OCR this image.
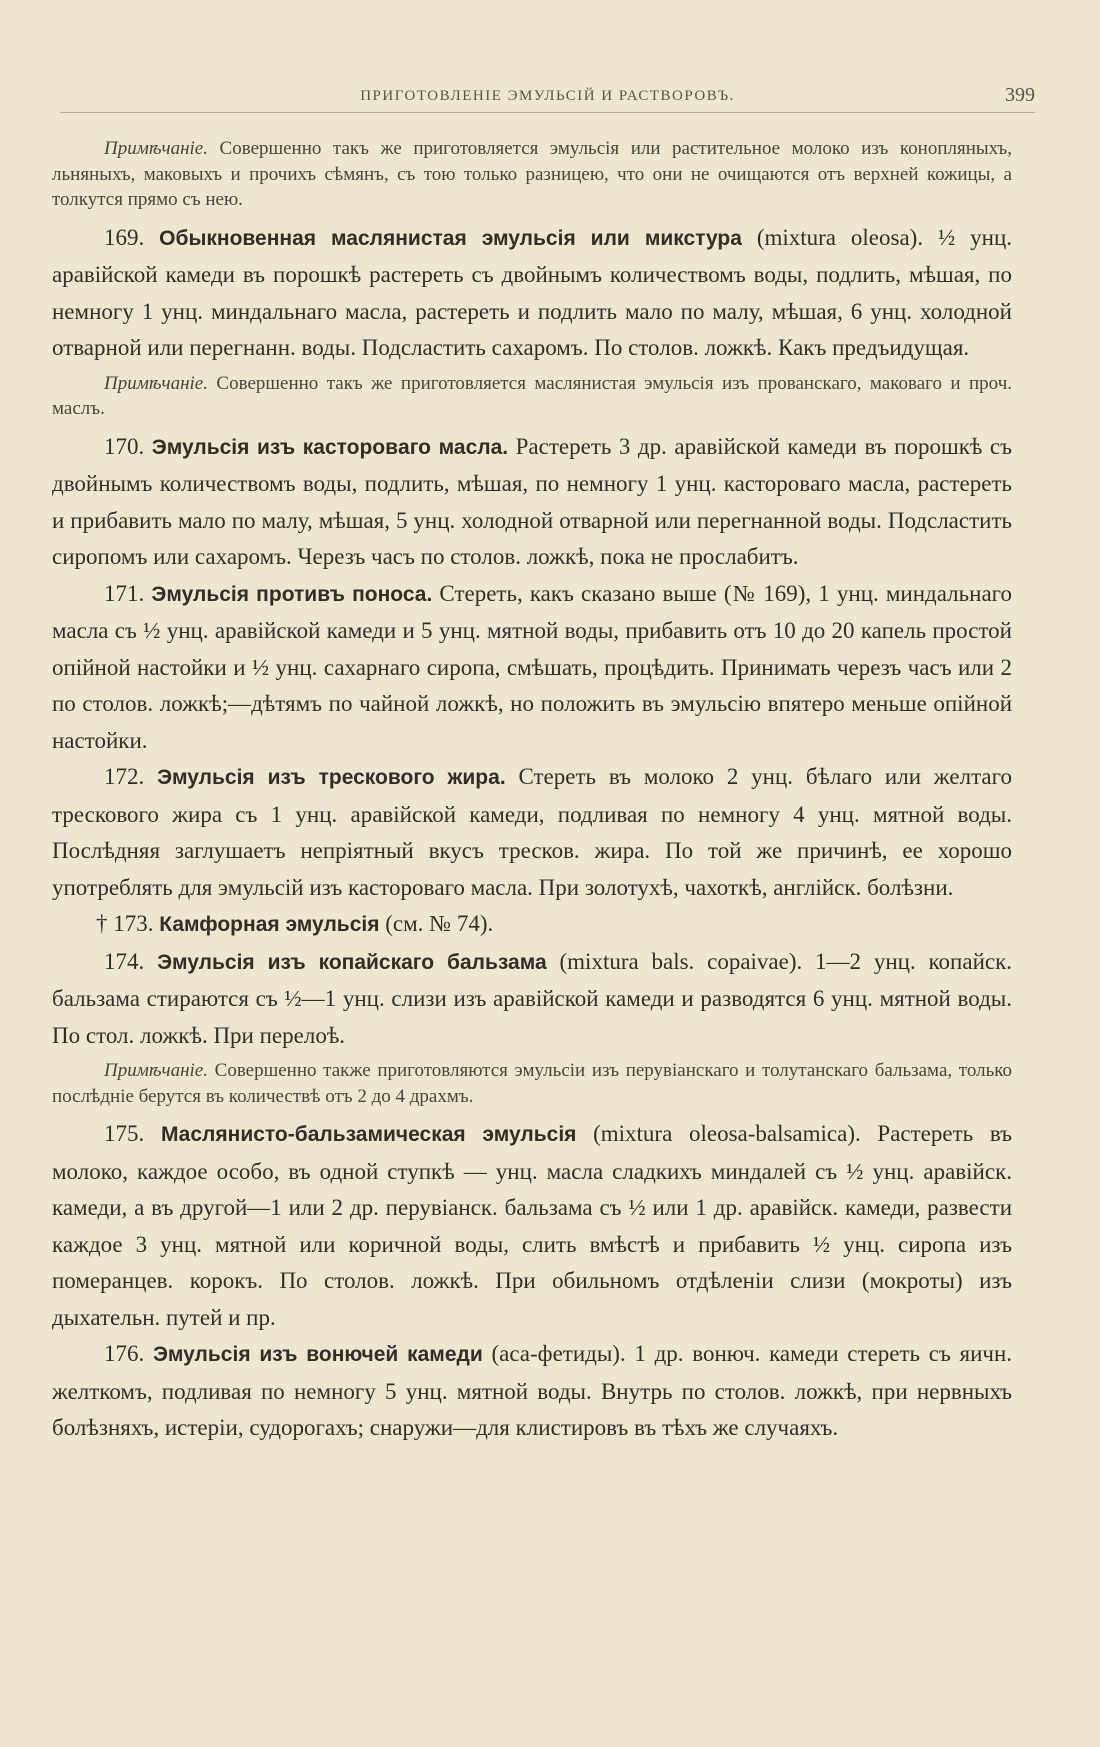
ПРИГОТОВЛЕНІЕ ЭМУЛЬСІЙ И РАСТВОРОВЪ.	399

Примѣчаніе. Совершенно такъ же приготовляется эмульсія или растительное молоко изъ конопляныхъ, льняныхъ, маковыхъ и прочихъ сѣмянъ, съ тою только разницею, что они не очищаются отъ верхней кожицы, а толкутся прямо съ нею.

169. Обыкновенная маслянистая эмульсія или микстура (mixtura oleosa). ½ унц. аравійской камеди въ порошкѣ растереть съ двойнымъ количествомъ воды, подлить, мѣшая, по немногу 1 унц. миндальнаго масла, растереть и подлить мало по малу, мѣшая, 6 унц. холодной отварной или перегнанн. воды. Подсластить сахаромъ. По столов. ложкѣ. Какъ предъидущая.

Примѣчаніе. Совершенно такъ же приготовляется маслянистая эмульсія изъ прованскаго, маковаго и проч. маслъ.

170. Эмульсія изъ касторовaго масла. Растереть 3 др. аравійской камеди въ порошкѣ съ двойнымъ количествомъ воды, подлить, мѣшая, по немногу 1 унц. касторовaго масла, растереть и прибавить мало по малу, мѣшая, 5 унц. холодной отварной или перегнанной воды. Подсластить сиропомъ или сахаромъ. Черезъ часъ по столов. ложкѣ, пока не прослабитъ.

171. Эмульсія противъ поноса. Стереть, какъ сказано выше (№ 169), 1 унц. миндальнаго масла съ ½ унц. аравійской камеди и 5 унц. мятной воды, прибавить отъ 10 до 20 капель простой опійной настойки и ½ унц. сахарнаго сиропа, смѣшать, процѣдить. Принимать черезъ часъ или 2 по столов. ложкѣ;—дѣтямъ по чайной ложкѣ, но положить въ эмульсію впятеро меньше опійной настойки.

172. Эмульсія изъ трескового жира. Стереть въ молоко 2 унц. бѣлаго или желтаго трескового жира съ 1 унц. аравійской камеди, подливая по немногу 4 унц. мятной воды. Послѣдняя заглушаетъ непріятный вкусъ тресков. жира. По той же причинѣ, ее хорошо употреблять для эмульсій изъ касторовaго масла. При золотухѣ, чахоткѣ, англійск. болѣзни.

† 173. Камфорная эмульсія (см. № 74).

174. Эмульсія изъ копайскаго бальзама (mixtura bals. copaivae). 1—2 унц. копайск. бальзама стираются съ ½—1 унц. слизи изъ аравійской камеди и разводятся 6 унц. мятной воды. По стол. ложкѣ. При перелоѣ.

Примѣчаніе. Совершенно также приготовляются эмульсіи изъ перувіанскаго и толутанскаго бальзама, только послѣдніе берутся въ количествѣ отъ 2 до 4 драхмъ.

175. Маслянисто-бальзамическая эмульсія (mixtura oleosa-balsamica). Растереть въ молоко, каждое особо, въ одной ступкѣ — унц. масла сладкихъ миндалей съ ½ унц. аравійск. камеди, а въ другой—1 или 2 др. перувіанск. бальзама съ ½ или 1 др. аравійск. камеди, развести каждое 3 унц. мятной или коричной воды, слить вмѣстѣ и прибавить ½ унц. сиропа изъ померанцев. корокъ. По столов. ложкѣ. При обильномъ отдѣленіи слизи (мокроты) изъ дыхательн. путей и пр.

176. Эмульсія изъ вонючей камеди (аса-фетиды). 1 др. вонюч. камеди стереть съ яичн. желткомъ, подливая по немногу 5 унц. мятной воды. Внутрь по столов. ложкѣ, при нервныхъ болѣзняхъ, истеріи, судорогахъ; снаружи—для клистировъ въ тѣхъ же случаяхъ.
